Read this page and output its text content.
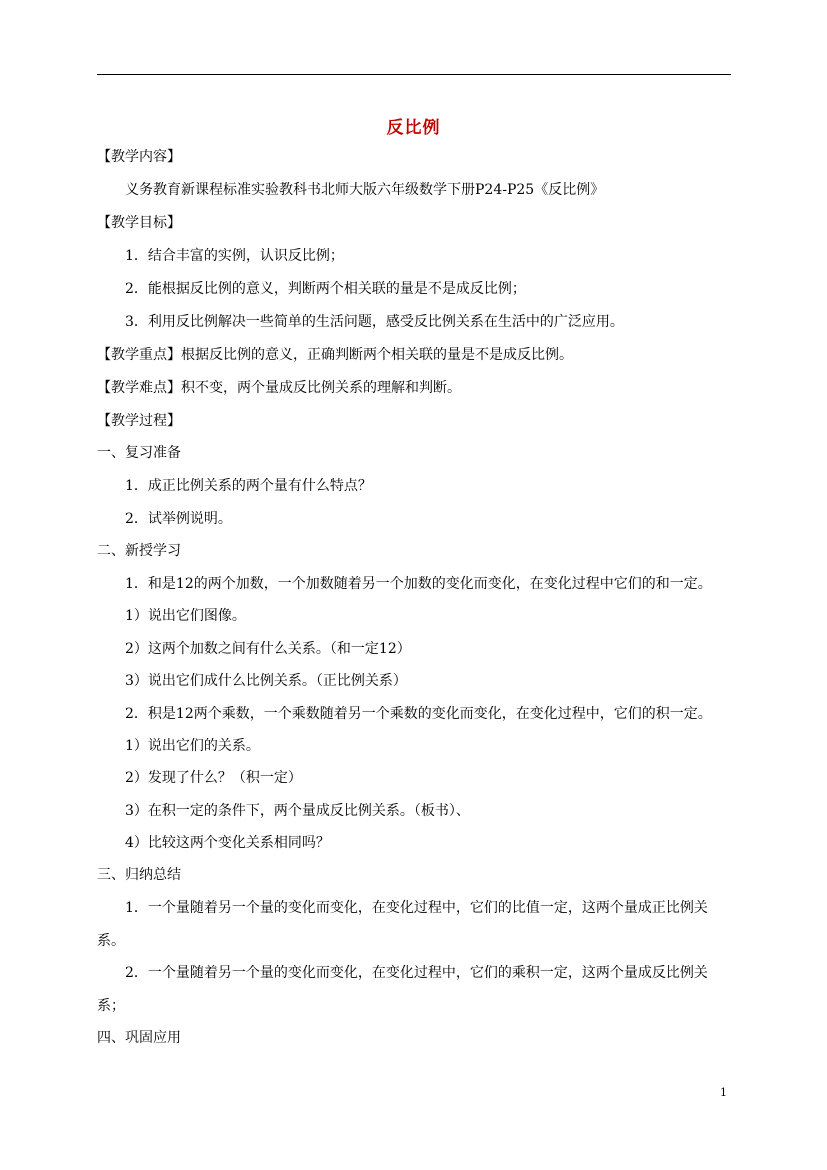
反比例
【教学内容】
义务教育新课程标准实验教科书北师大版六年级数学下册P24-P25《反比例》
【教学目标】
1．结合丰富的实例，认识反比例；
2．能根据反比例的意义，判断两个相关联的量是不是成反比例；
3．利用反比例解决一些简单的生活问题，感受反比例关系在生活中的广泛应用。
【教学重点】根据反比例的意义，正确判断两个相关联的量是不是成反比例。
【教学难点】积不变，两个量成反比例关系的理解和判断。
【教学过程】
一、复习准备
1．成正比例关系的两个量有什么特点？
2．试举例说明。
二、新授学习
1．和是12的两个加数，一个加数随着另一个加数的变化而变化，在变化过程中它们的和一定。
1）说出它们图像。
2）这两个加数之间有什么关系。（和一定12）
3）说出它们成什么比例关系。（正比例关系）
2．积是12两个乘数，一个乘数随着另一个乘数的变化而变化，在变化过程中，它们的积一定。
1）说出它们的关系。
2）发现了什么？（积一定）
3）在积一定的条件下，两个量成反比例关系。（板书）、
4）比较这两个变化关系相同吗？
三、归纳总结
1．一个量随着另一个量的变化而变化，在变化过程中，它们的比值一定，这两个量成正比例关
系。
2．一个量随着另一个量的变化而变化，在变化过程中，它们的乘积一定，这两个量成反比例关
系；
四、巩固应用
1
